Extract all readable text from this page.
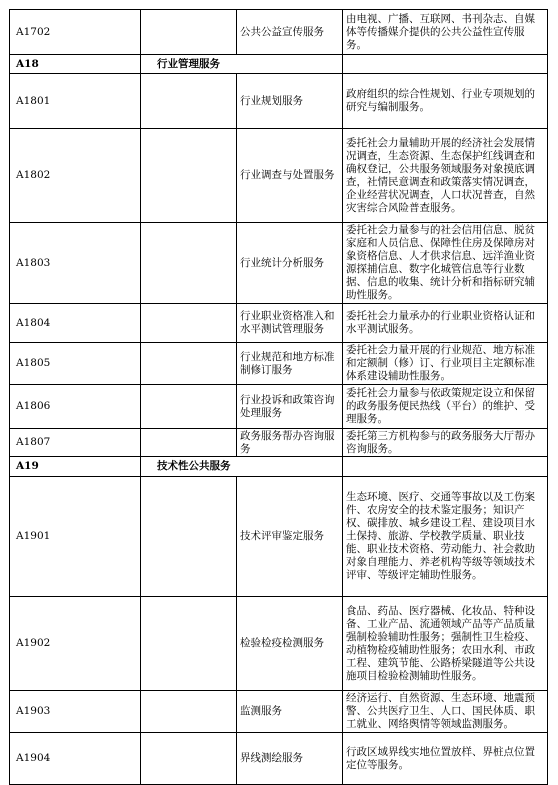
A1702		公共公益宣传服务	由电视、广播、互联网、书刊杂志、自媒体等传播媒介提供的公共公益性宣传服务。
A18	行业管理服务		
A1801		行业规划服务	政府组织的综合性规划、行业专项规划的研究与编制服务。
A1802		行业调查与处置服务	委托社会力量辅助开展的经济社会发展情况调查，生态资源、生态保护红线调查和确权登记，公共服务领域服务对象摸底调查，社情民意调查和政策落实情况调查，企业经营状况调查，人口状况普查，自然灾害综合风险普查服务。
A1803		行业统计分析服务	委托社会力量参与的社会信用信息、脱贫家庭和人员信息、保障性住房及保障房对象资格信息、人才供求信息、远洋渔业资源探捕信息、数字化城管信息等行业数据、信息的收集、统计分析和指标研究辅助性服务。
A1804		行业职业资格准入和水平测试管理服务	委托社会力量承办的行业职业资格认证和水平测试服务。
A1805		行业规范和地方标准制修订服务	委托社会力量开展的行业规范、地方标准和定额制（修）订、行业项目主定额标准体系建设辅助性服务。
A1806		行业投诉和政策咨询处理服务	委托社会力量参与依政策规定设立和保留的政务服务便民热线（平台）的维护、受理服务。
A1807		政务服务帮办咨询服务	委托第三方机构参与的政务服务大厅帮办咨询服务。
A19	技术性公共服务		
A1901		技术评审鉴定服务	生态环境、医疗、交通等事故以及工伤案件、农房安全的技术鉴定服务；知识产权、碳排放、城乡建设工程、建设项目水土保持、旅游、学校教学质量、职业技能、职业技术资格、劳动能力、社会救助对象自理能力、养老机构等级等领域技术评审、等级评定辅助性服务。
A1902		检验检疫检测服务	食品、药品、医疗器械、化妆品、特种设备、工业产品、流通领域产品等产品质量强制检验辅助性服务；强制性卫生检疫、动植物检疫辅助性服务；农田水利、市政工程、建筑节能、公路桥梁隧道等公共设施项目检验检测辅助性服务。
A1903		监测服务	经济运行、自然资源、生态环境、地震预警、公共医疗卫生、人口、国民体质、职工就业、网络舆情等领域监测服务。
A1904		界线测绘服务	行政区域界线实地位置放样、界桩点位置定位等服务。
